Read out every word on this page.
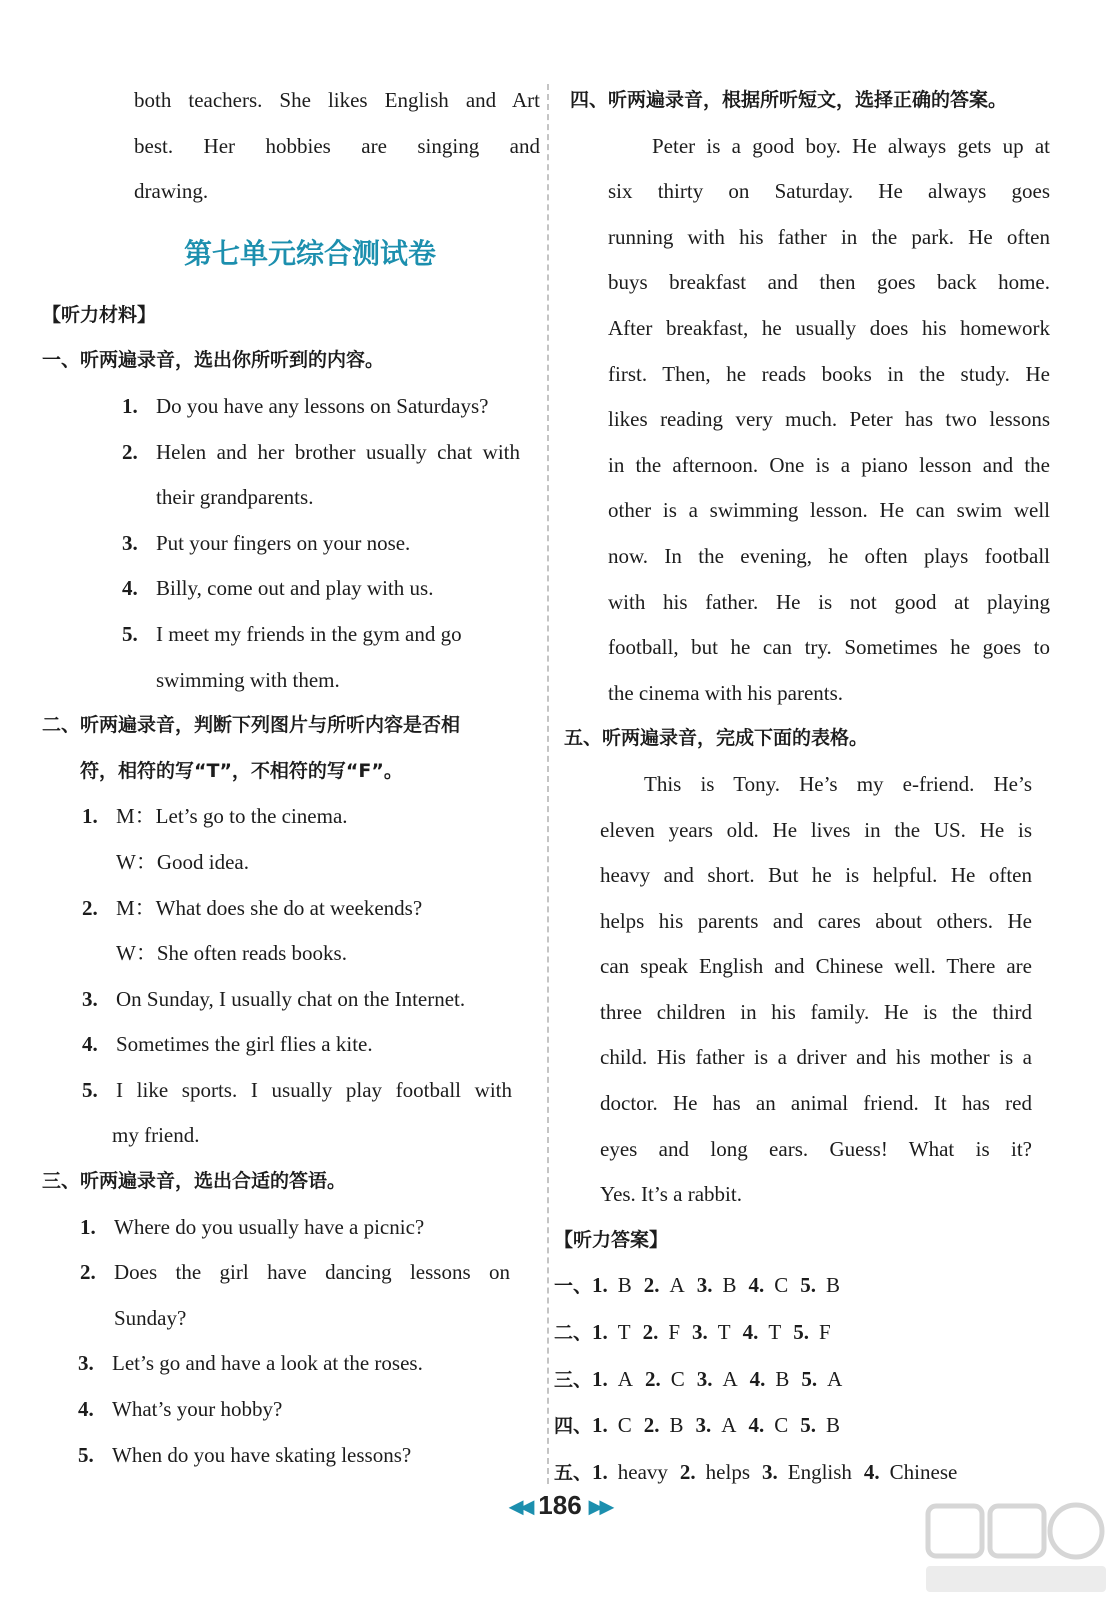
both teachers. She likes English and Art
best. Her hobbies are singing and
drawing.
第七单元综合测试卷
【听力材料】
一、听两遍录音，选出你所听到的内容。
1. Do you have any lessons on Saturdays?
2. Helen and her brother usually chat with
their grandparents.
3. Put your fingers on your nose.
4. Billy, come out and play with us.
5. I meet my friends in the gym and go
swimming with them.
二、听两遍录音，判断下列图片与所听内容是否相
符，相符的写“T”，不相符的写“F”。
1. M：Let’s go to the cinema.
W：Good idea.
2. M：What does she do at weekends?
W：She often reads books.
3. On Sunday, I usually chat on the Internet.
4. Sometimes the girl flies a kite.
5. I like sports. I usually play football with
my friend.
三、听两遍录音，选出合适的答语。
1. Where do you usually have a picnic?
2. Does the girl have dancing lessons on
Sunday?
3. Let’s go and have a look at the roses.
4. What’s your hobby?
5. When do you have skating lessons?
四、听两遍录音，根据所听短文，选择正确的答案。
Peter is a good boy. He always gets up at
six thirty on Saturday. He always goes
running with his father in the park. He often
buys breakfast and then goes back home.
After breakfast, he usually does his homework
first. Then, he reads books in the study. He
likes reading very much. Peter has two lessons
in the afternoon. One is a piano lesson and the
other is a swimming lesson. He can swim well
now. In the evening, he often plays football
with his father. He is not good at playing
football, but he can try. Sometimes he goes to
the cinema with his parents.
五、听两遍录音，完成下面的表格。
This is Tony. He’s my e-friend. He’s
eleven years old. He lives in the US. He is
heavy and short. But he is helpful. He often
helps his parents and cares about others. He
can speak English and Chinese well. There are
three children in his family. He is the third
child. His father is a driver and his mother is a
doctor. He has an animal friend. It has red
eyes and long ears. Guess! What is it?
Yes. It’s a rabbit.
【听力答案】
一、1. B 2. A 3. B 4. C 5. B
二、1. T 2. F 3. T 4. T 5. F
三、1. A 2. C 3. A 4. B 5. A
四、1. C 2. B 3. A 4. C 5. B
五、1. heavy 2. helps 3. English 4. Chinese
◀◀ 186 ▶▶
